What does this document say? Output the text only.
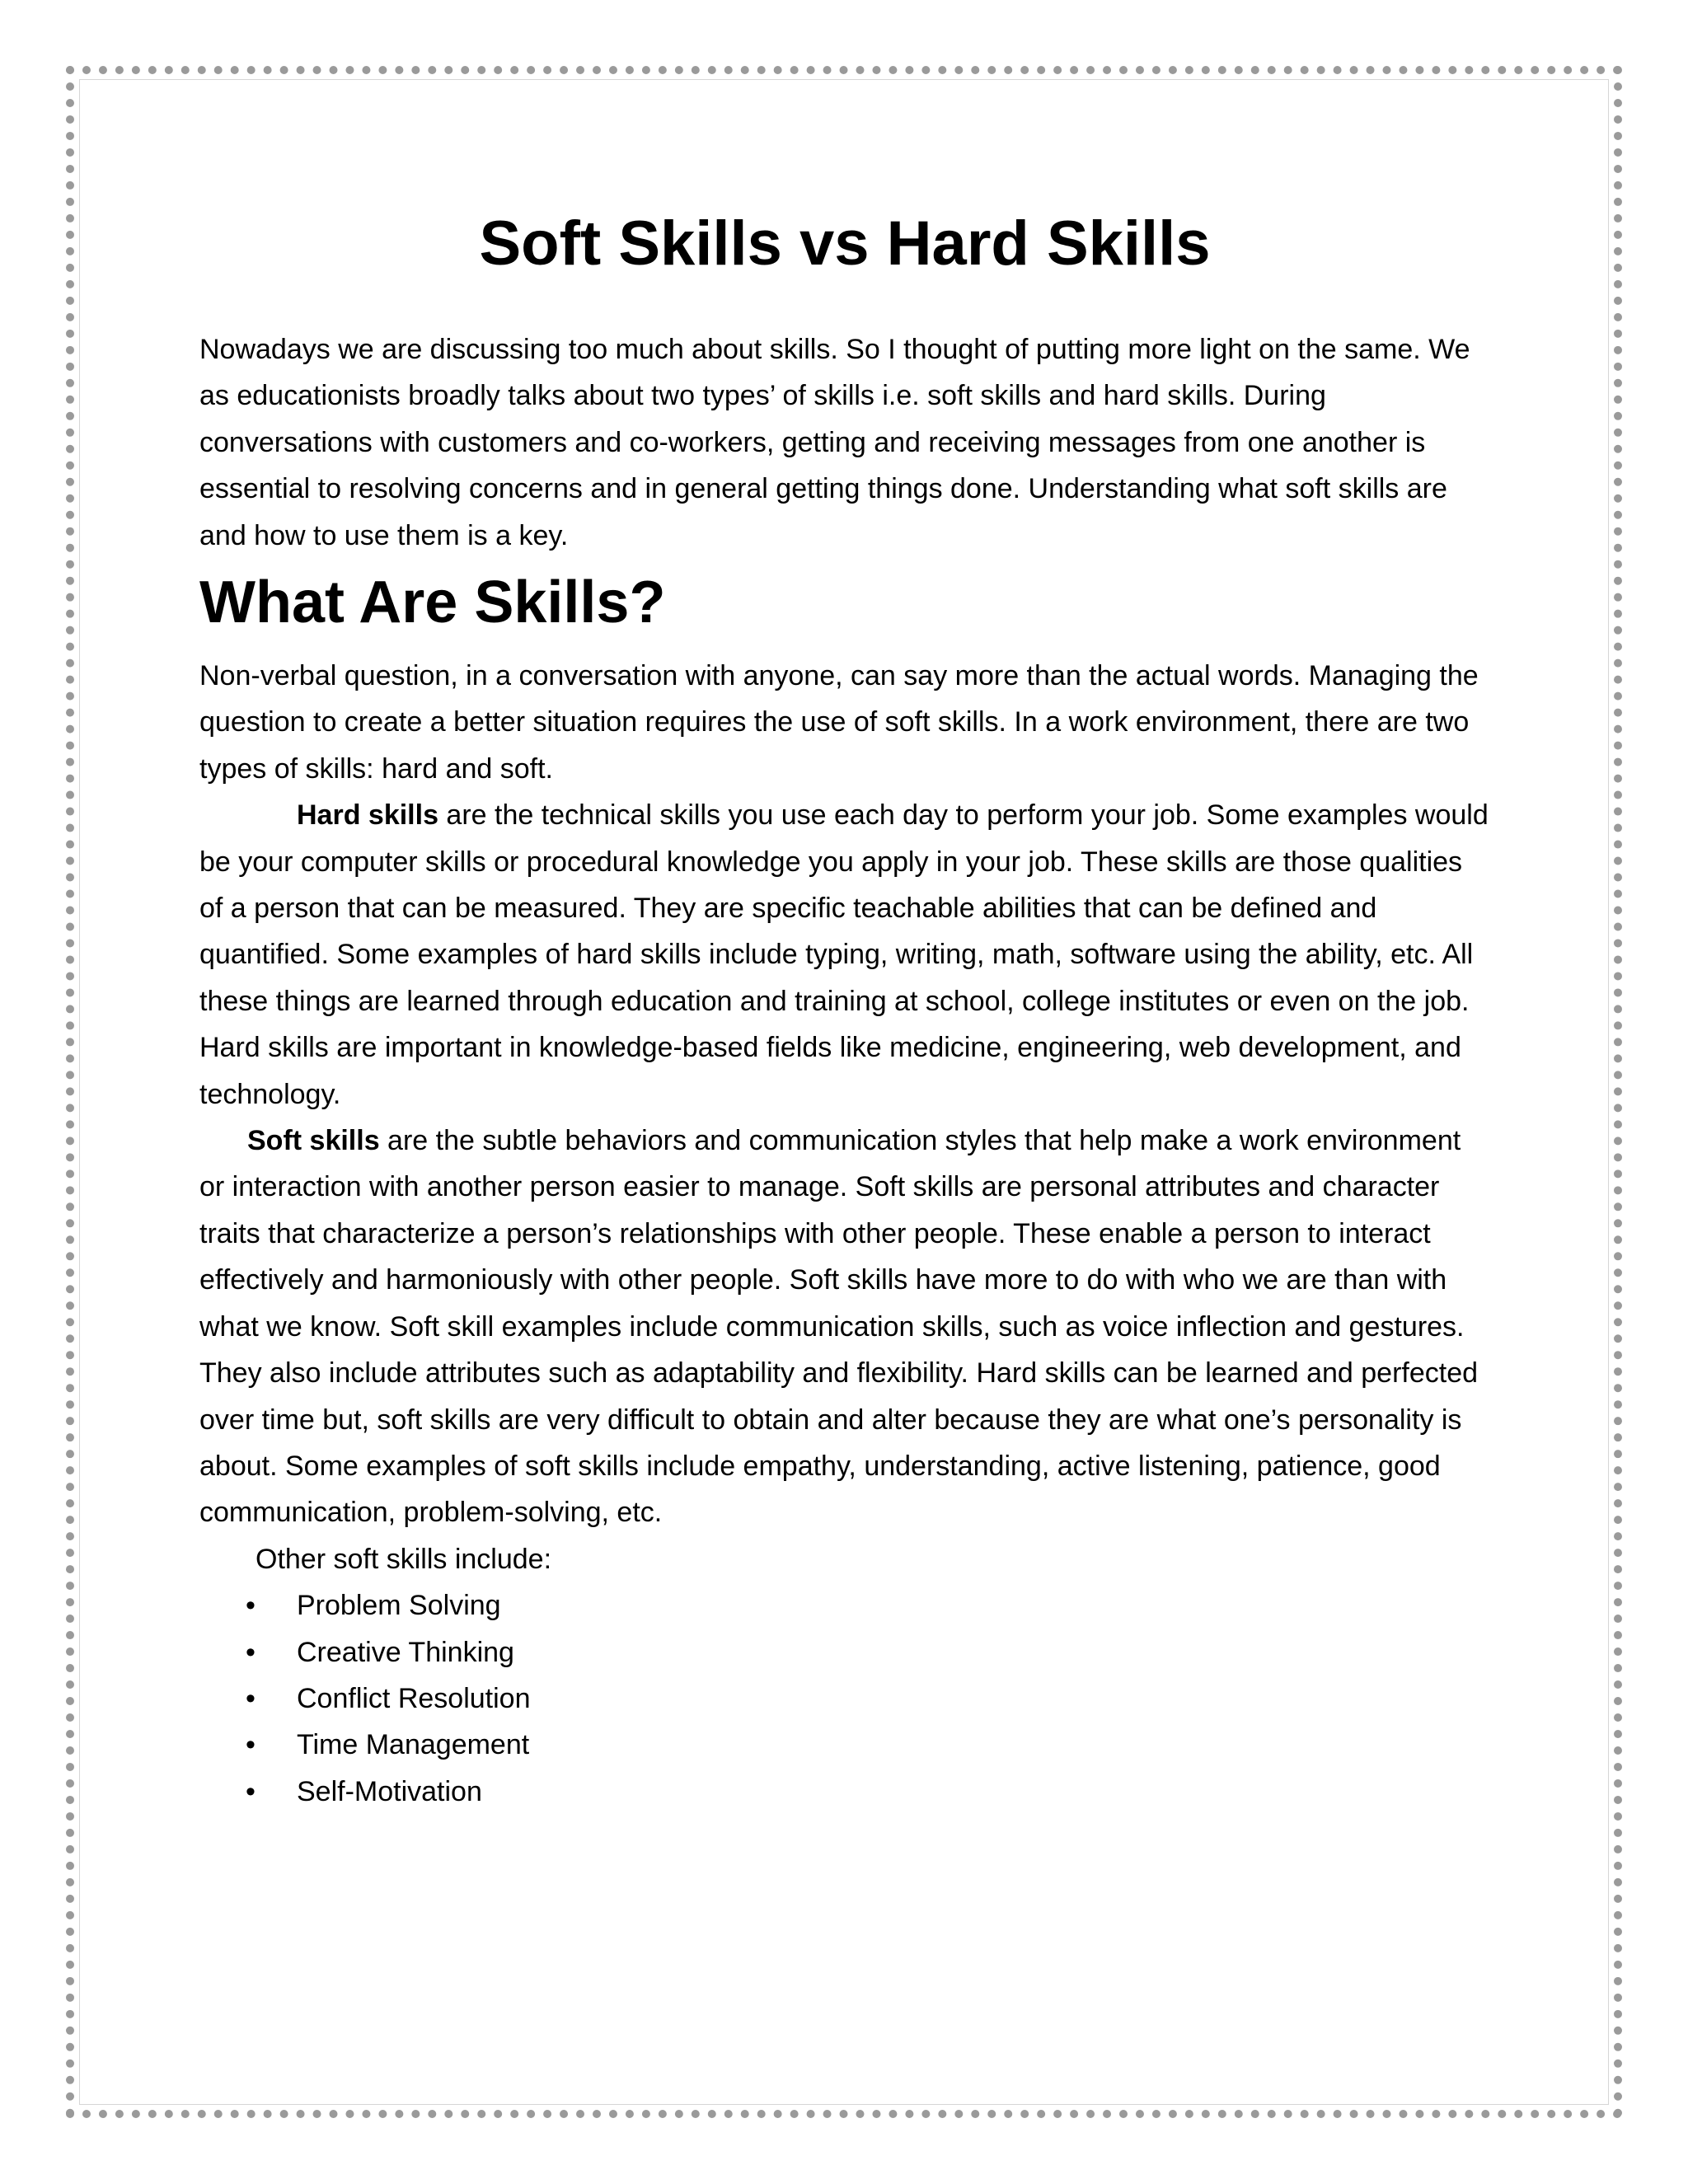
Soft Skills vs Hard Skills

Nowadays we are discussing too much about skills. So I thought of putting more light on the same. We as educationists broadly talks about two types’ of skills i.e. soft skills and hard skills. During conversations with customers and co-workers, getting and receiving messages from one another is essential to resolving concerns and in general getting things done. Understanding what soft skills are and how to use them is a key.

What Are Skills?

Non-verbal question, in a conversation with anyone, can say more than the actual words. Managing the question to create a better situation requires the use of soft skills. In a work environment, there are two types of skills: hard and soft.

Hard skills are the technical skills you use each day to perform your job. Some examples would be your computer skills or procedural knowledge you apply in your job. These skills are those qualities of a person that can be measured. They are specific teachable abilities that can be defined and quantified. Some examples of hard skills include typing, writing, math, software using the ability, etc. All these things are learned through education and training at school, college institutes or even on the job. Hard skills are important in knowledge-based fields like medicine, engineering, web development, and technology.

Soft skills are the subtle behaviors and communication styles that help make a work environment or interaction with another person easier to manage. Soft skills are personal attributes and character traits that characterize a person’s relationships with other people. These enable a person to interact effectively and harmoniously with other people. Soft skills have more to do with who we are than with what we know. Soft skill examples include communication skills, such as voice inflection and gestures. They also include attributes such as adaptability and flexibility. Hard skills can be learned and perfected over time but, soft skills are very difficult to obtain and alter because they are what one’s personality is about. Some examples of soft skills include empathy, understanding, active listening, patience, good communication, problem-solving, etc.

Other soft skills include:

• Problem Solving
• Creative Thinking
• Conflict Resolution
• Time Management
• Self-Motivation
